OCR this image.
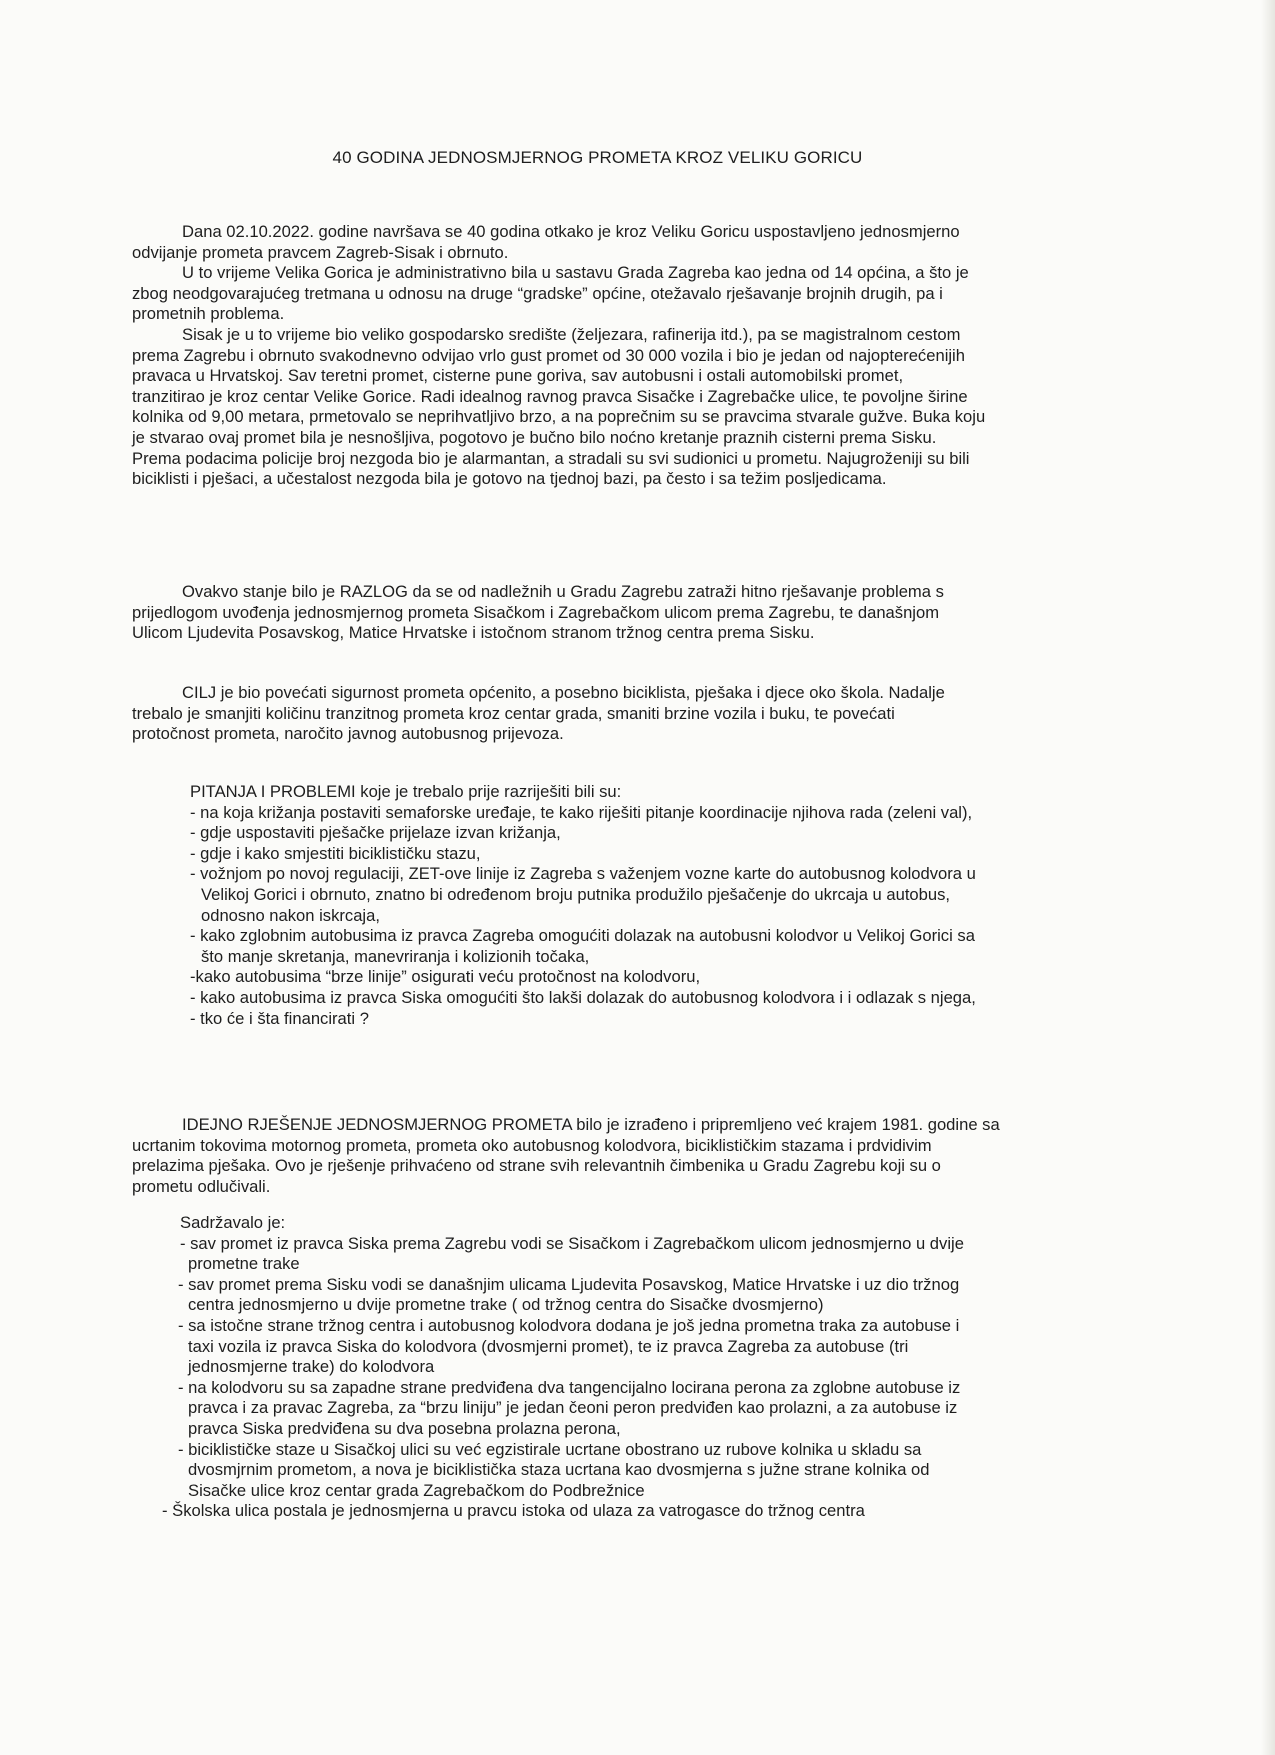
40 GODINA JEDNOSMJERNOG PROMETA KROZ VELIKU GORICU
Dana 02.10.2022. godine navršava se 40 godina otkako je kroz Veliku Goricu uspostavljeno jednosmjerno
odvijanje prometa pravcem Zagreb-Sisak i obrnuto.
U to vrijeme Velika Gorica je administrativno bila u sastavu Grada Zagreba kao jedna od 14 općina, a što je
zbog neodgovarajućeg tretmana u odnosu na druge “gradske” općine, otežavalo rješavanje brojnih drugih, pa i
prometnih problema.
Sisak je u to vrijeme bio veliko gospodarsko središte (željezara, rafinerija itd.), pa se magistralnom cestom
prema Zagrebu i obrnuto svakodnevno odvijao vrlo gust promet od 30 000 vozila i bio je jedan od najopterećenijih
pravaca u Hrvatskoj. Sav teretni promet, cisterne pune goriva, sav autobusni i ostali automobilski promet,
tranzitirao je kroz centar Velike Gorice. Radi idealnog ravnog pravca Sisačke i Zagrebačke ulice, te povoljne širine
kolnika od 9,00 metara, prmetovalo se neprihvatljivo brzo, a na poprečnim su se pravcima stvarale gužve. Buka koju
je stvarao ovaj promet bila je nesnošljiva, pogotovo je bučno bilo noćno kretanje praznih cisterni prema Sisku.
Prema podacima policije broj nezgoda bio je alarmantan, a stradali su svi sudionici u prometu. Najugroženiji su bili
biciklisti i pješaci, a učestalost nezgoda bila je gotovo na tjednoj bazi, pa često i sa težim posljedicama.
Ovakvo stanje bilo je RAZLOG da se od nadležnih u Gradu Zagrebu zatraži hitno rješavanje problema s
prijedlogom uvođenja jednosmjernog prometa Sisačkom i Zagrebačkom ulicom prema Zagrebu, te današnjom
Ulicom Ljudevita Posavskog, Matice Hrvatske i istočnom stranom tržnog centra prema Sisku.
CILJ je bio povećati sigurnost prometa općenito, a posebno biciklista, pješaka i djece oko škola. Nadalje
trebalo je smanjiti količinu tranzitnog prometa kroz centar grada, smaniti brzine vozila i buku, te povećati
protočnost prometa, naročito javnog autobusnog prijevoza.
PITANJA I PROBLEMI koje je trebalo prije razriješiti bili su:
- na koja križanja postaviti semaforske uređaje, te kako riješiti pitanje koordinacije njihova rada (zeleni val),
- gdje uspostaviti pješačke prijelaze izvan križanja,
- gdje i kako smjestiti biciklističku stazu,
- vožnjom po novoj regulaciji, ZET-ove linije iz Zagreba s važenjem vozne karte do autobusnog kolodvora u
Velikoj Gorici i obrnuto, znatno bi određenom broju putnika produžilo pješačenje do ukrcaja u autobus,
odnosno nakon iskrcaja,
- kako zglobnim autobusima iz pravca Zagreba omogućiti dolazak na autobusni kolodvor u Velikoj Gorici sa
što manje skretanja, manevriranja i kolizionih točaka,
-kako autobusima “brze linije” osigurati veću protočnost na kolodvoru,
- kako autobusima iz pravca Siska omogućiti što lakši dolazak do autobusnog kolodvora i i odlazak s njega,
- tko će i šta financirati ?
IDEJNO RJEŠENJE JEDNOSMJERNOG PROMETA bilo je izrađeno i pripremljeno već krajem 1981. godine sa
ucrtanim tokovima motornog prometa, prometa oko autobusnog kolodvora, biciklističkim stazama i prdvidivim
prelazima pješaka. Ovo je rješenje prihvaćeno od strane svih relevantnih čimbenika u Gradu Zagrebu koji su o
prometu odlučivali.
Sadržavalo je:
- sav promet iz pravca Siska prema Zagrebu vodi se Sisačkom i Zagrebačkom ulicom jednosmjerno u dvije
prometne trake
- sav promet prema Sisku vodi se današnjim ulicama Ljudevita Posavskog, Matice Hrvatske i uz dio tržnog
centra jednosmjerno u dvije prometne trake ( od tržnog centra do Sisačke dvosmjerno)
- sa istočne strane tržnog centra i autobusnog kolodvora dodana je još jedna prometna traka za autobuse i
taxi vozila iz pravca Siska do kolodvora (dvosmjerni promet), te iz pravca Zagreba za autobuse (tri
jednosmjerne trake) do kolodvora
- na kolodvoru su sa zapadne strane predviđena dva tangencijalno locirana perona za zglobne autobuse iz
pravca i za pravac Zagreba, za “brzu liniju” je jedan čeoni peron predviđen kao prolazni, a za autobuse iz
pravca Siska predviđena su dva posebna prolazna perona,
- biciklističke staze u Sisačkoj ulici su već egzistirale ucrtane obostrano uz rubove kolnika u skladu sa
dvosmjrnim prometom, a nova je biciklistička staza ucrtana kao dvosmjerna s južne strane kolnika od
Sisačke ulice kroz centar grada Zagrebačkom do Podbrežnice
- Školska ulica postala je jednosmjerna u pravcu istoka od ulaza za vatrogasce do tržnog centra
